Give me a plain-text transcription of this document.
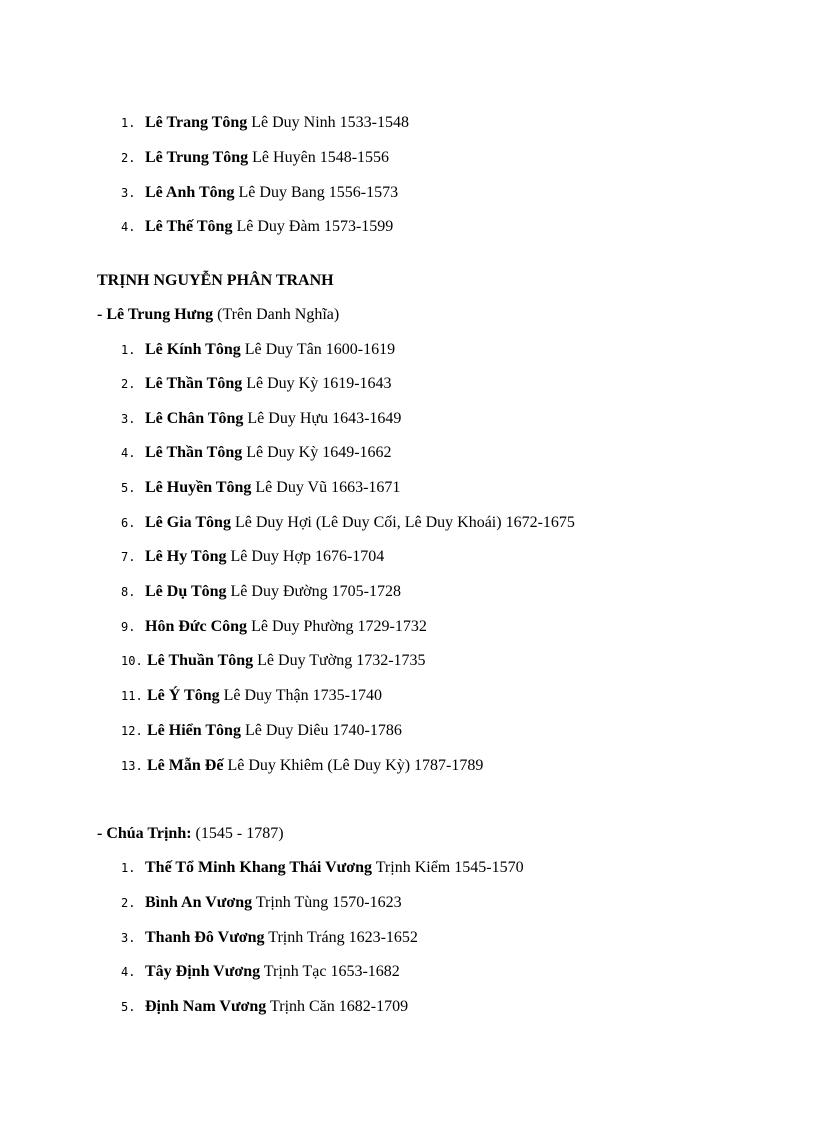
1. Lê Trang Tông Lê Duy Ninh 1533-1548
2. Lê Trung Tông Lê Huyên 1548-1556
3. Lê Anh Tông Lê Duy Bang 1556-1573
4. Lê Thế Tông Lê Duy Đàm 1573-1599
TRỊNH NGUYỄN PHÂN TRANH
- Lê Trung Hưng (Trên Danh Nghĩa)
1. Lê Kính Tông Lê Duy Tân 1600-1619
2. Lê Thần Tông Lê Duy Kỳ 1619-1643
3. Lê Chân Tông Lê Duy Hựu 1643-1649
4. Lê Thần Tông Lê Duy Kỳ 1649-1662
5. Lê Huyền Tông Lê Duy Vũ 1663-1671
6. Lê Gia Tông Lê Duy Hợi (Lê Duy Cối, Lê Duy Khoái) 1672-1675
7. Lê Hy Tông Lê Duy Hợp 1676-1704
8. Lê Dụ Tông Lê Duy Đường 1705-1728
9. Hôn Đức Công Lê Duy Phường 1729-1732
10. Lê Thuần Tông Lê Duy Tường 1732-1735
11. Lê Ý Tông Lê Duy Thận 1735-1740
12. Lê Hiển Tông Lê Duy Diêu 1740-1786
13. Lê Mẫn Đế Lê Duy Khiêm (Lê Duy Kỳ) 1787-1789
- Chúa Trịnh: (1545 - 1787)
1. Thế Tổ Minh Khang Thái Vương Trịnh Kiểm 1545-1570
2. Bình An Vương Trịnh Tùng 1570-1623
3. Thanh Đô Vương Trịnh Tráng 1623-1652
4. Tây Định Vương Trịnh Tạc 1653-1682
5. Định Nam Vương Trịnh Căn 1682-1709
